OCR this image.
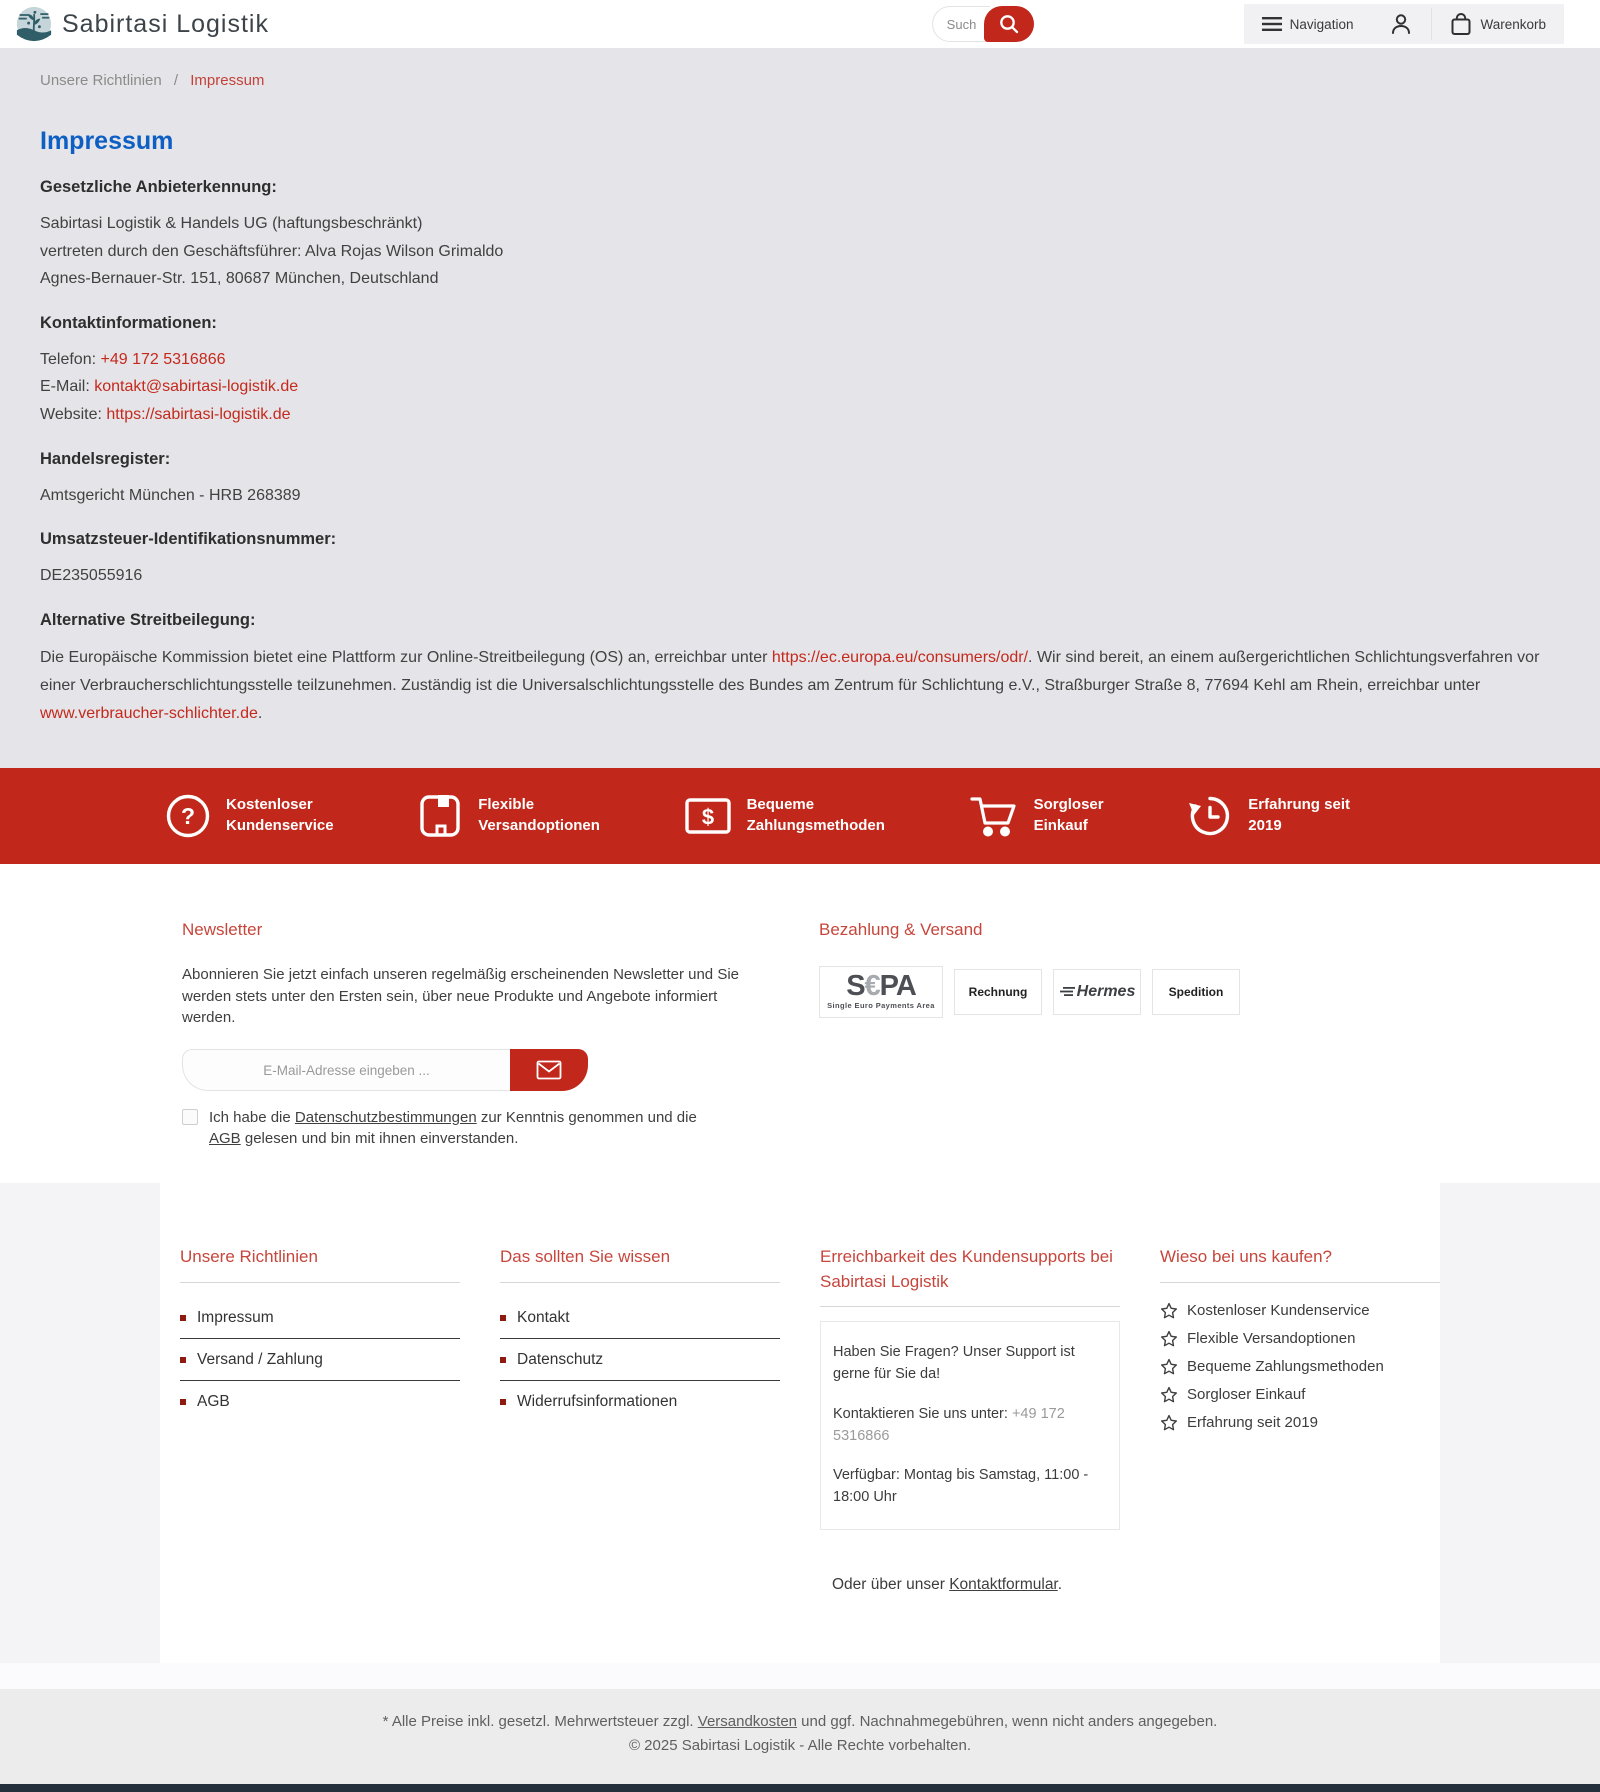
Sabirtasi Logistik
Such	Navigation	Warenkorb
Unsere Richtlinien / Impressum
Impressum

Gesetzliche Anbieterkennung:

Sabirtasi Logistik & Handels UG (haftungsbeschränkt)

vertreten durch den Geschäftsführer: Alva Rojas Wilson Grimaldo

Agnes-Bernauer-Str. 151, 80687 München, Deutschland

Kontaktinformationen:

Telefon: +49 172 5316866

E-Mail: kontakt@sabirtasi-logistik.de

Website: https://sabirtasi-logistik.de

Handelsregister:

Amtsgericht München - HRB 268389

Umsatzsteuer-Identifikationsnummer:

DE235055916

Alternative Streitbeilegung:

Die Europäische Kommission bietet eine Plattform zur Online-Streitbeilegung (OS) an, erreichbar unter https://ec.europa.eu/consumers/odr/. Wir sind bereit, an einem außergerichtlichen Schlichtungsverfahren vor einer Verbraucherschlichtungsstelle teilzunehmen. Zuständig ist die Universalschlichtungsstelle des Bundes am Zentrum für Schlichtung e.V., Straßburger Straße 8, 77694 Kehl am Rhein, erreichbar unter www.verbraucher-schlichter.de.

? Kostenloser
Kundenservice
Flexible
Versandoptionen	$ Bequeme
Zahlungsmethoden
Sorgloser
Einkauf
Erfahrung seit
2019
Newsletter

Abonnieren Sie jetzt einfach unseren regelmäßig erscheinenden Newsletter und Sie werden stets unter den Ersten sein, über neue Produkte und Angebote informiert werden.

E-Mail-Adresse eingeben ...
Ich habe die Datenschutzbestimmungen zur Kenntnis genommen und die AGB gelesen und bin mit ihnen einverstanden.
Bezahlung & Versand
S€PA
Single Euro Payments Area
Rechnung	Hermes	Spedition
Unsere Richtlinien
Impressum
Versand / Zahlung
AGB
Das sollten Sie wissen
Kontakt
Datenschutz
Widerrufsinformationen
Erreichbarkeit des Kundensupports bei Sabirtasi Logistik

Haben Sie Fragen? Unser Support ist gerne für Sie da!

Kontaktieren Sie uns unter: +49 172 5316866

Verfügbar: Montag bis Samstag, 11:00 - 18:00 Uhr

Oder über unser Kontaktformular.

Wieso bei uns kaufen?
Kostenloser Kundenservice
Flexible Versandoptionen
Bequeme Zahlungsmethoden
Sorgloser Einkauf
Erfahrung seit 2019
* Alle Preise inkl. gesetzl. Mehrwertsteuer zzgl. Versandkosten und ggf. Nachnahmegebühren, wenn nicht anders angegeben.
© 2025 Sabirtasi Logistik - Alle Rechte vorbehalten.
